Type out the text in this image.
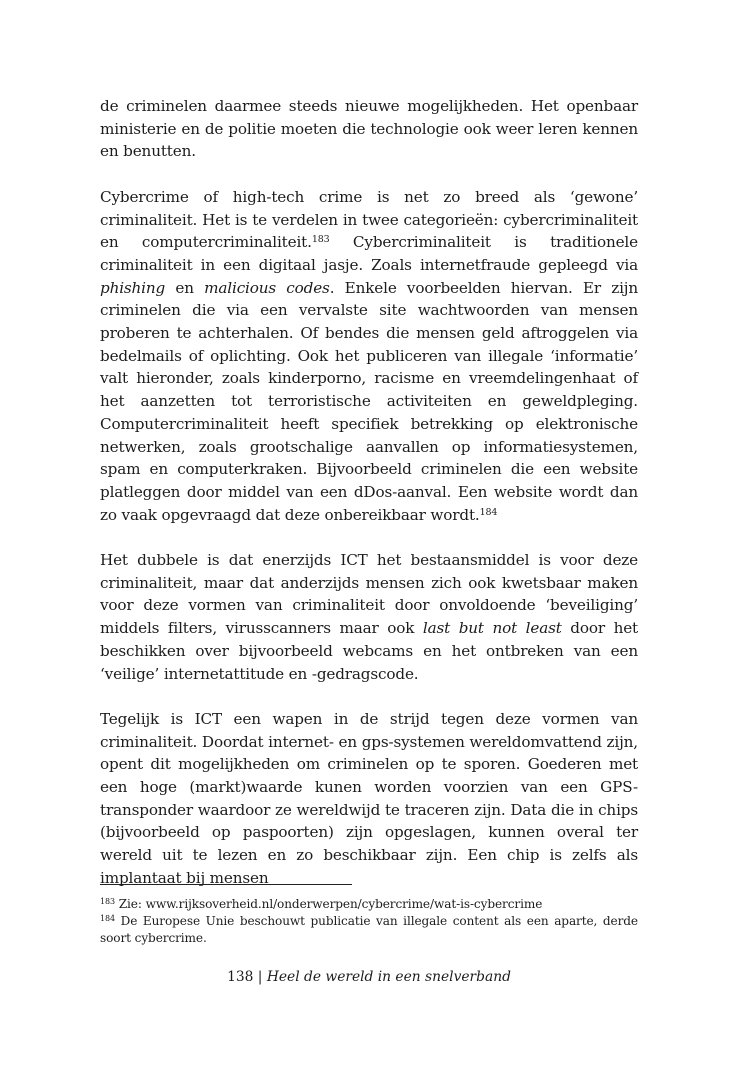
de criminelen daarmee steeds nieuwe mogelijkheden. Het openbaar ministerie en de politie moeten die technologie ook weer leren kennen en benutten.

Cybercrime of high-tech crime is net zo breed als ‘gewone’ criminaliteit. Het is te verdelen in twee categorieën: cybercriminaliteit en computercriminaliteit.$^{183}$ Cybercriminaliteit is traditionele criminaliteit in een digitaal jasje. Zoals internetfraude gepleegd via phishing en malicious codes. Enkele voorbeelden hiervan. Er zijn criminelen die via een vervalste site wachtwoorden van mensen proberen te achterhalen. Of bendes die mensen geld aftroggelen via bedelmails of oplichting. Ook het publiceren van illegale ‘informatie’ valt hieronder, zoals kinderporno, racisme en vreemdelingenhaat of het aanzetten tot terroristische activiteiten en geweldpleging. Computercriminaliteit heeft specifiek betrekking op elektronische netwerken, zoals grootschalige aanvallen op informatiesystemen, spam en computerkraken. Bijvoorbeeld criminelen die een website platleggen door middel van een dDos-aanval. Een website wordt dan zo vaak opgevraagd dat deze onbereikbaar wordt.$^{184}$

Het dubbele is dat enerzijds ICT het bestaansmiddel is voor deze criminaliteit, maar dat anderzijds mensen zich ook kwetsbaar maken voor deze vormen van criminaliteit door onvoldoende ‘beveiliging’ middels filters, virusscanners maar ook last but not least door het beschikken over bijvoorbeeld webcams en het ontbreken van een ‘veilige’ internetattitude en -gedragscode.

Tegelijk is ICT een wapen in de strijd tegen deze vormen van criminaliteit. Doordat internet- en gps-systemen wereldomvattend zijn, opent dit mogelijkheden om criminelen op te sporen. Goederen met een hoge (markt)waarde kunen worden voorzien van een GPS-transponder waardoor ze wereldwijd te traceren zijn. Data die in chips (bijvoorbeeld op paspoorten) zijn opgeslagen, kunnen overal ter wereld uit te lezen en zo beschikbaar zijn. Een chip is zelfs als implantaat bij mensen

$^{183}$ Zie: www.rijksoverheid.nl/onderwerpen/cybercrime/wat-is-cybercrime
$^{184}$ De Europese Unie beschouwt publicatie van illegale content als een aparte, derde soort cybercrime.
138 | Heel de wereld in een snelverband
